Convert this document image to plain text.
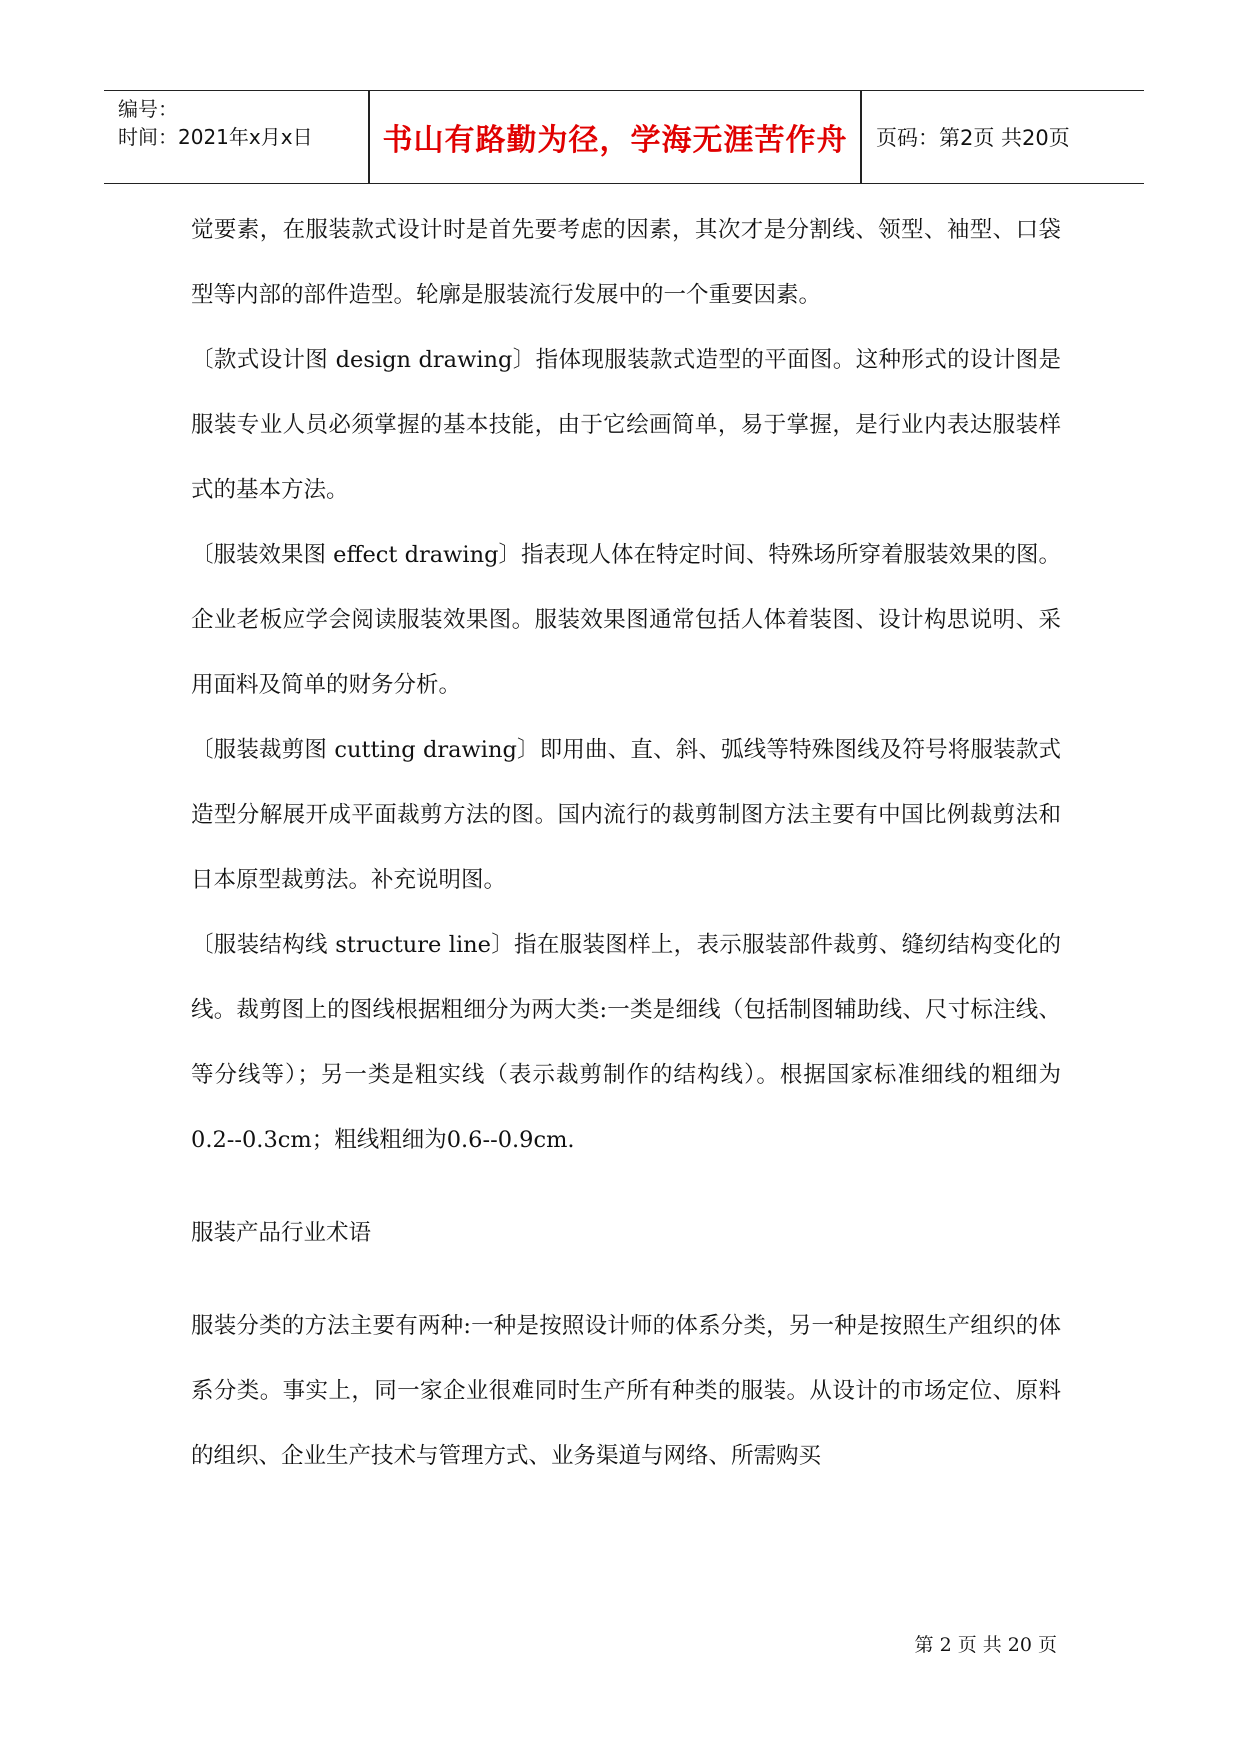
编号：
时间：2021年x月x日	书山有路勤为径，学海无涯苦作舟	页码：第2页 共20页

觉要素，在服装款式设计时是首先要考虑的因素，其次才是分割线、领型、袖型、口袋型等内部的部件造型。轮廓是服装流行发展中的一个重要因素。

〔款式设计图 design drawing〕指体现服装款式造型的平面图。这种形式的设计图是服装专业人员必须掌握的基本技能，由于它绘画简单，易于掌握，是行业内表达服装样式的基本方法。

〔服装效果图 effect drawing〕指表现人体在特定时间、特殊场所穿着服装效果的图。企业老板应学会阅读服装效果图。服装效果图通常包括人体着装图、设计构思说明、采用面料及简单的财务分析。

〔服装裁剪图 cutting drawing〕即用曲、直、斜、弧线等特殊图线及符号将服装款式造型分解展开成平面裁剪方法的图。国内流行的裁剪制图方法主要有中国比例裁剪法和日本原型裁剪法。补充说明图。

〔服装结构线 structure line〕指在服装图样上，表示服装部件裁剪、缝纫结构变化的线。裁剪图上的图线根据粗细分为两大类:一类是细线（包括制图辅助线、尺寸标注线、等分线等）；另一类是粗实线（表示裁剪制作的结构线）。根据国家标准细线的粗细为0.2--0.3cm；粗线粗细为0.6--0.9cm.

服装产品行业术语

服装分类的方法主要有两种:一种是按照设计师的体系分类，另一种是按照生产组织的体系分类。事实上，同一家企业很难同时生产所有种类的服装。从设计的市场定位、原料的组织、企业生产技术与管理方式、业务渠道与网络、所需购买

第 2 页 共 20 页
